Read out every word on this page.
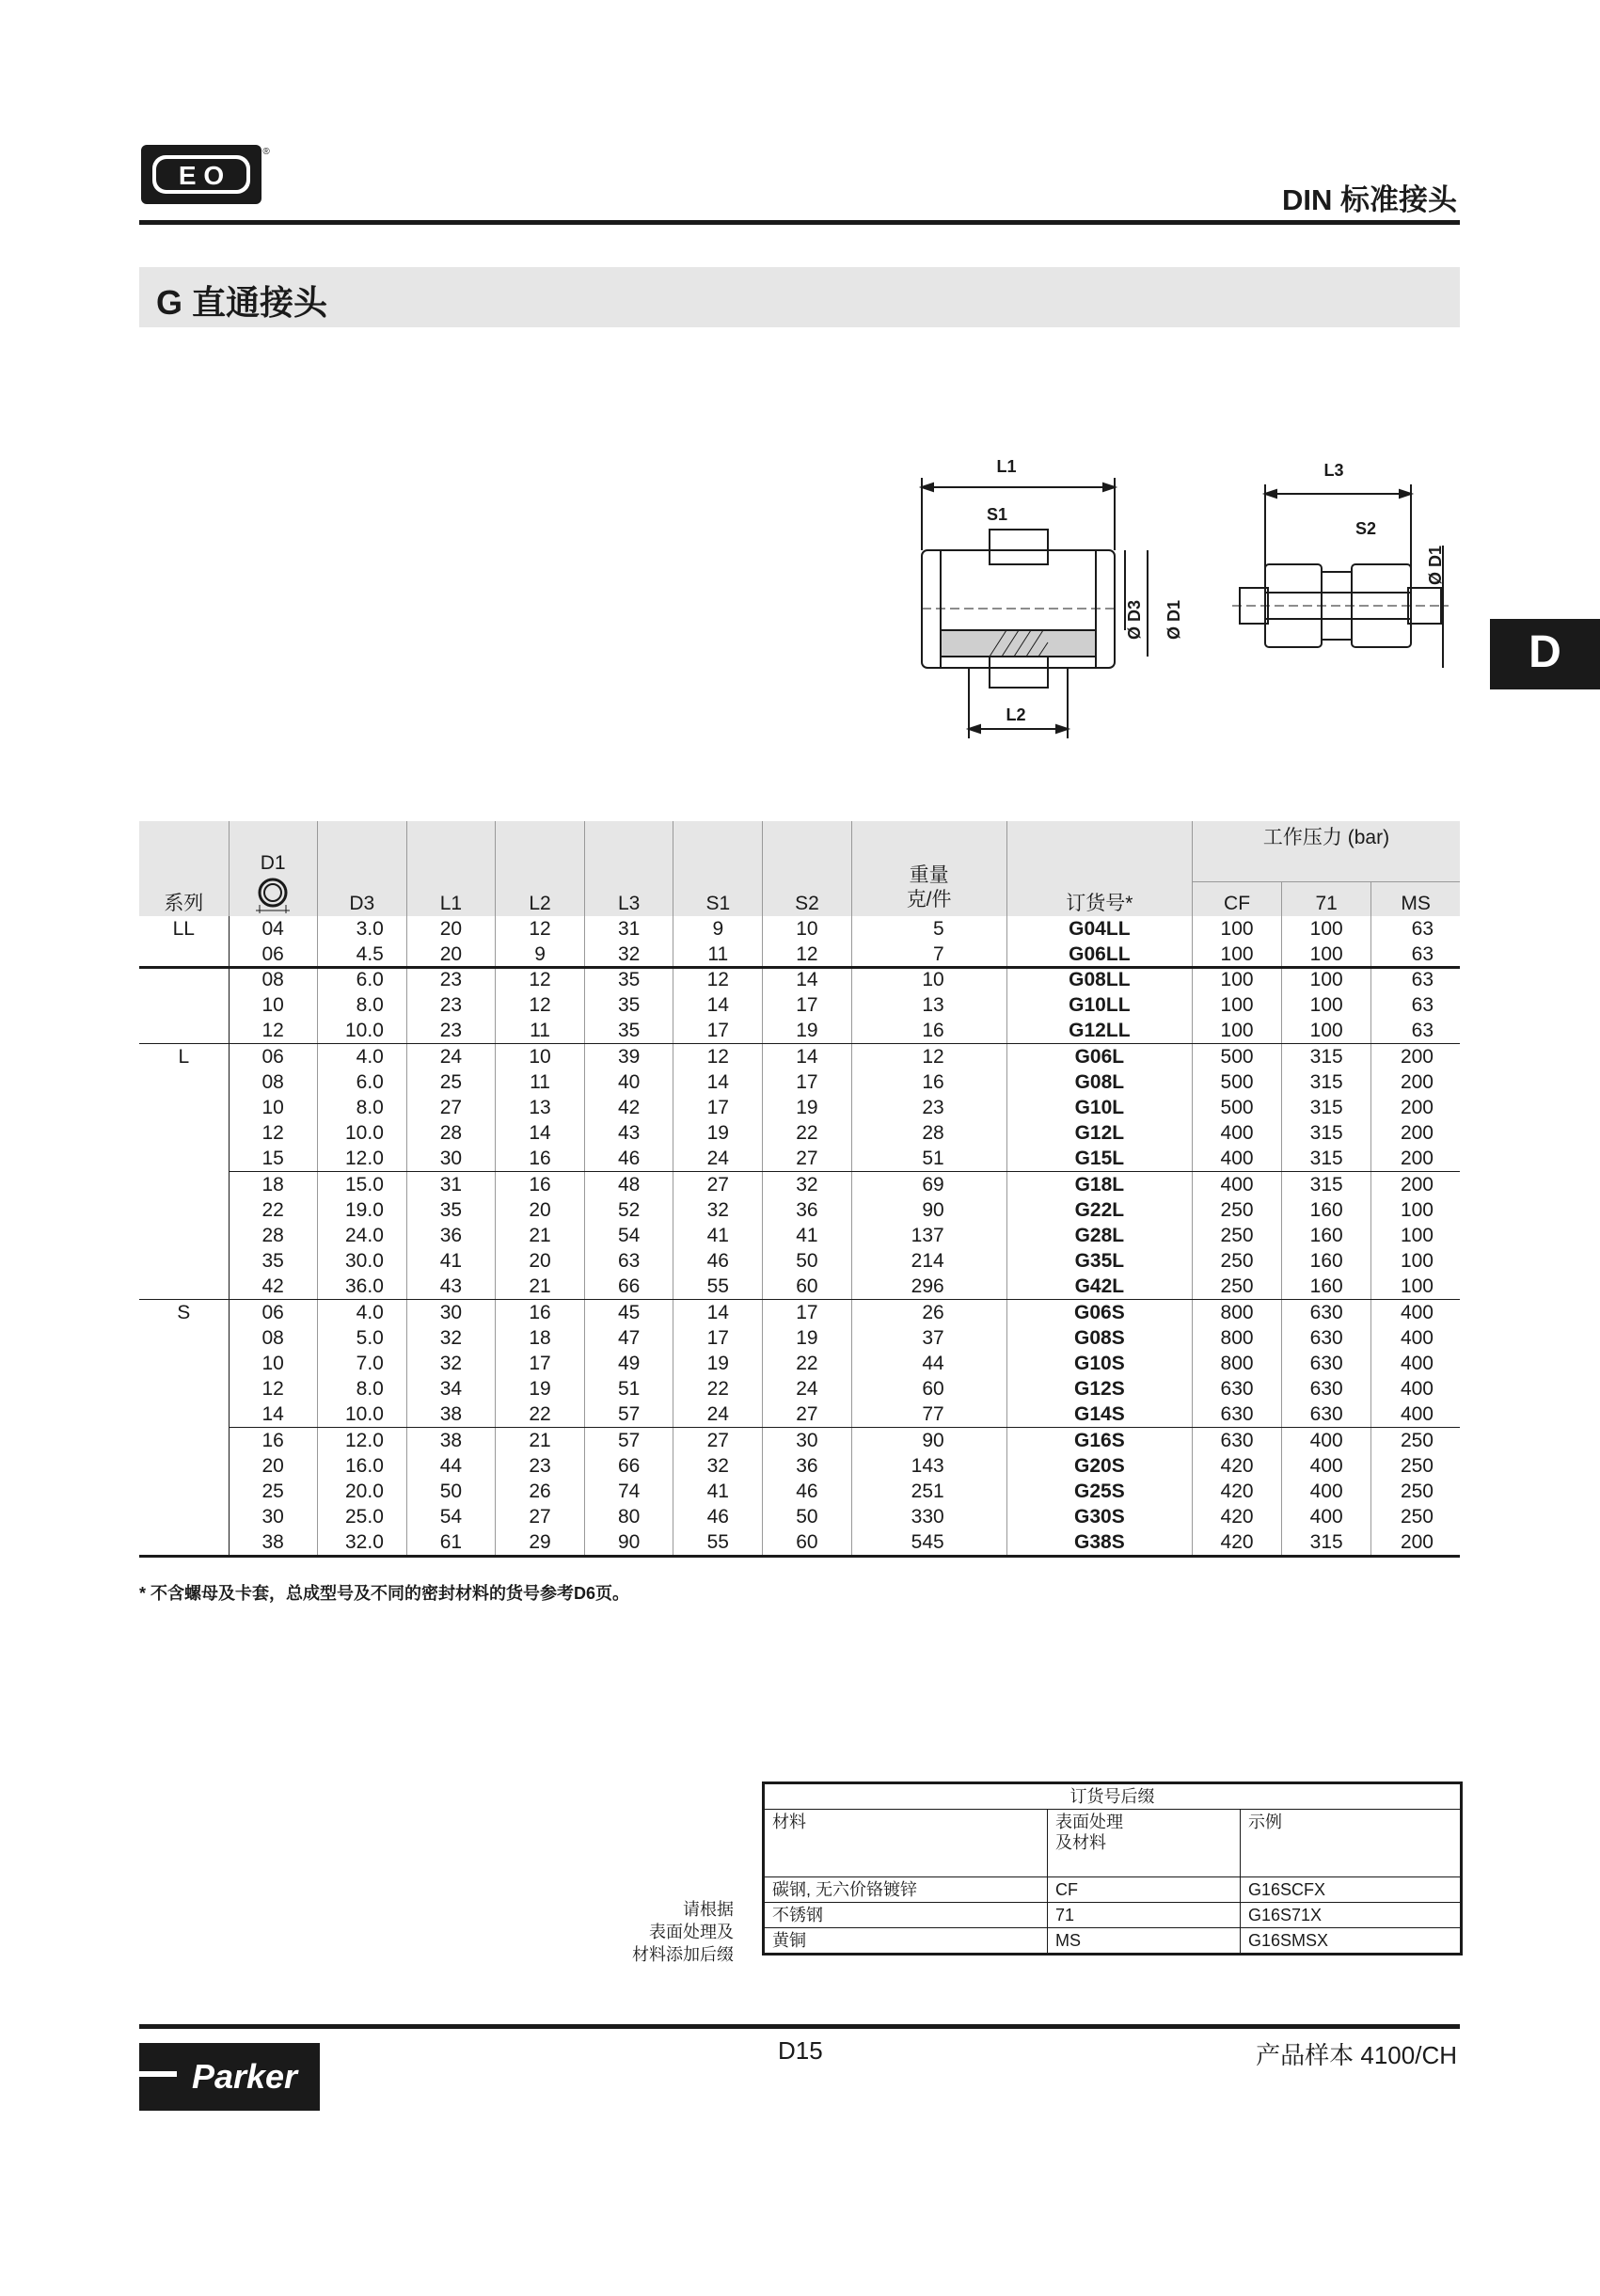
E O
®
DIN 标准接头
G 直通接头
L1
S1
L2
Ø D3 Ø D1
L3
S2
Ø D1
D

	D1							重量
克/件		工作压力 (bar)		
系列		D3	L1	L2	L3	S1	S2		订货号*	CF	71	MS
LL	04	3.0	20	12	31	9	10	5	G04LL	100	100	63
	06	4.5	20	9	32	11	12	7	G06LL	100	100	63
	08	6.0	23	12	35	12	14	10	G08LL	100	100	63
	10	8.0	23	12	35	14	17	13	G10LL	100	100	63
	12	10.0	23	11	35	17	19	16	G12LL	100	100	63
L	06	4.0	24	10	39	12	14	12	G06L	500	315	200
	08	6.0	25	11	40	14	17	16	G08L	500	315	200
	10	8.0	27	13	42	17	19	23	G10L	500	315	200
	12	10.0	28	14	43	19	22	28	G12L	400	315	200
	15	12.0	30	16	46	24	27	51	G15L	400	315	200
	18	15.0	31	16	48	27	32	69	G18L	400	315	200
	22	19.0	35	20	52	32	36	90	G22L	250	160	100
	28	24.0	36	21	54	41	41	137	G28L	250	160	100
	35	30.0	41	20	63	46	50	214	G35L	250	160	100
	42	36.0	43	21	66	55	60	296	G42L	250	160	100
S	06	4.0	30	16	45	14	17	26	G06S	800	630	400
	08	5.0	32	18	47	17	19	37	G08S	800	630	400
	10	7.0	32	17	49	19	22	44	G10S	800	630	400
	12	8.0	34	19	51	22	24	60	G12S	630	630	400
	14	10.0	38	22	57	24	27	77	G14S	630	630	400
	16	12.0	38	21	57	27	30	90	G16S	630	400	250
	20	16.0	44	23	66	32	36	143	G20S	420	400	250
	25	20.0	50	26	74	41	46	251	G25S	420	400	250
	30	25.0	54	27	80	46	50	330	G30S	420	400	250
	38	32.0	61	29	90	55	60	545	G38S	420	315	200
* 不含螺母及卡套，总成型号及不同的密封材料的货号参考D6页。
请根据
表面处理及
材料添加后缀
订货号后缀		
材料	表面处理
及材料	示例
碳钢, 无六价铬镀锌	CF	G16SCFX
不锈钢	71	G16S71X
黄铜	MS	G16SMSX
D15	产品样本 4100/CH
Parker
